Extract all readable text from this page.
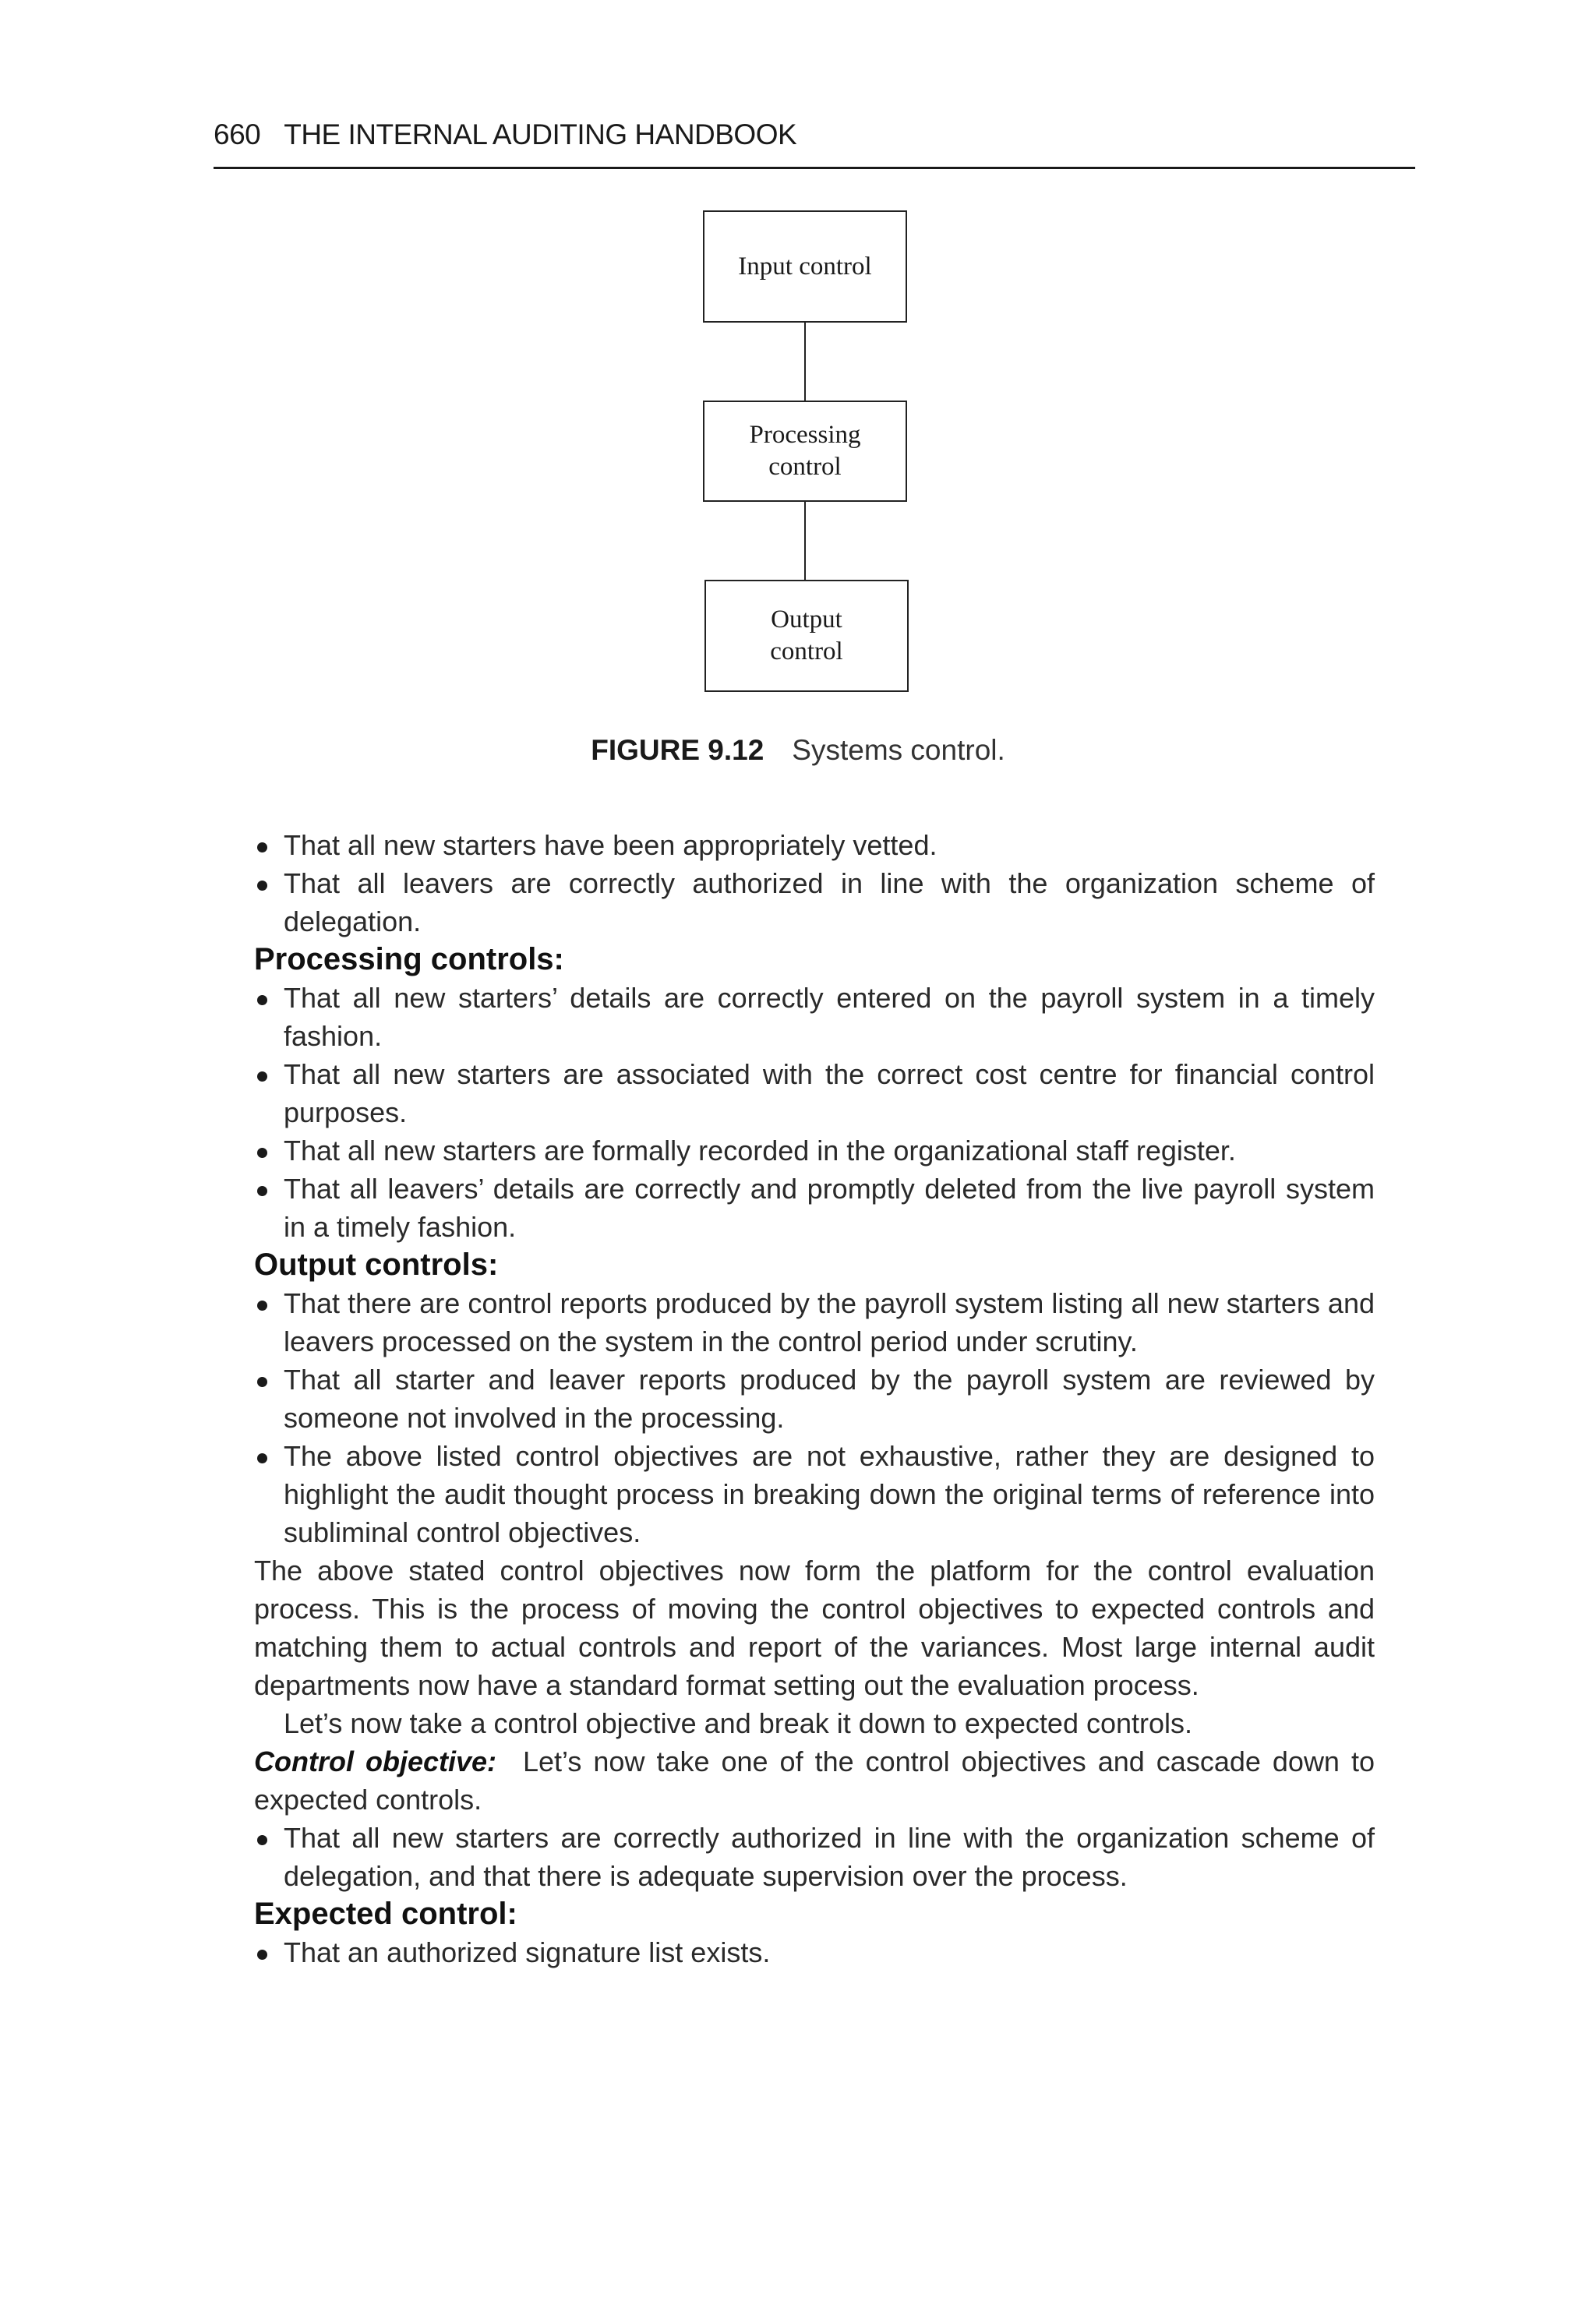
660 THE INTERNAL AUDITING HANDBOOK
Input control
Processing
control
Output
control
FIGURE 9.12 Systems control.
That all new starters have been appropriately vetted.
That all leavers are correctly authorized in line with the organization scheme of delegation.
Processing controls:
That all new starters’ details are correctly entered on the payroll system in a timely fashion.
That all new starters are associated with the correct cost centre for financial control purposes.
That all new starters are formally recorded in the organizational staff register.
That all leavers’ details are correctly and promptly deleted from the live payroll system in a timely fashion.
Output controls:
That there are control reports produced by the payroll system listing all new starters and leavers processed on the system in the control period under scrutiny.
That all starter and leaver reports produced by the payroll system are reviewed by someone not involved in the processing.
The above listed control objectives are not exhaustive, rather they are designed to highlight the audit thought process in breaking down the original terms of reference into subliminal control objectives.

The above stated control objectives now form the platform for the control evaluation process. This is the process of moving the control objectives to expected controls and matching them to actual controls and report of the variances. Most large internal audit departments now have a standard format setting out the evaluation process.

Let’s now take a control objective and break it down to expected controls.

Control objective: Let’s now take one of the control objectives and cascade down to expected controls.

That all new starters are correctly authorized in line with the organization scheme of delegation, and that there is adequate supervision over the process.
Expected control:
That an authorized signature list exists.
